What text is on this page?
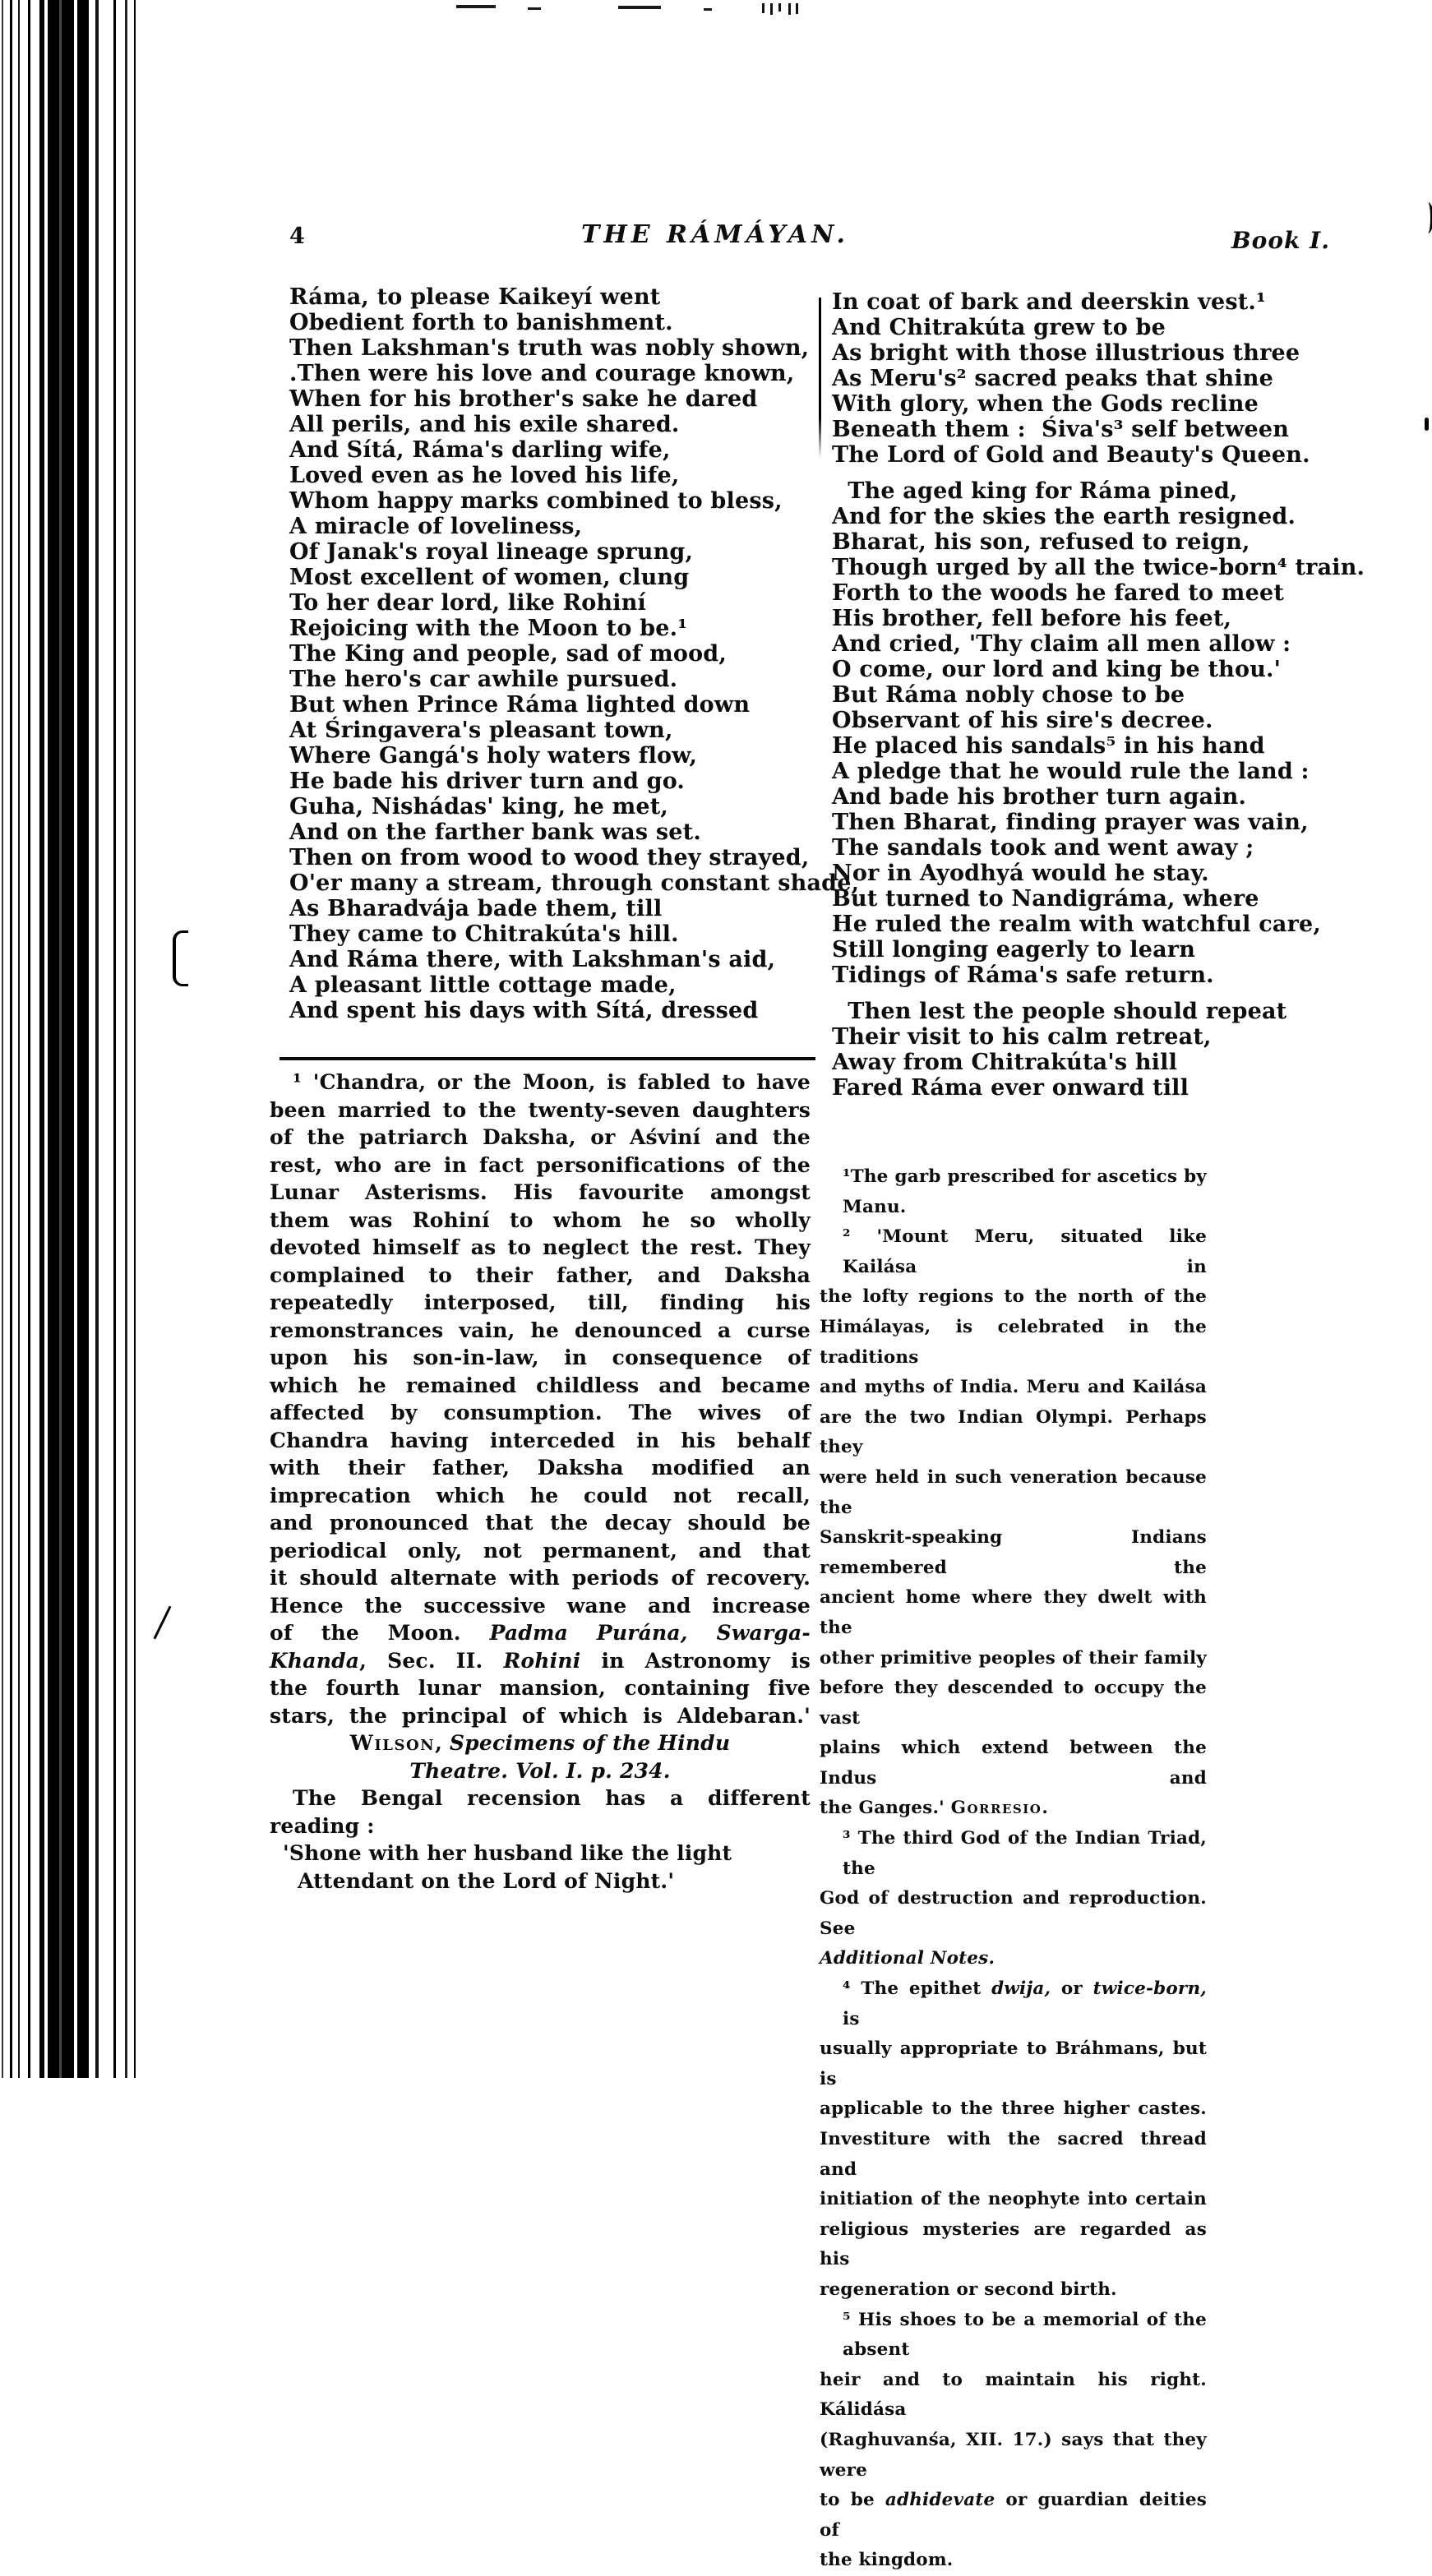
4	THE RÁMÁYAN.	Book I.
Ráma, to please Kaikeyí went
Obedient forth to banishment.
Then Lakshman's truth was nobly shown,
.Then were his love and courage known,
When for his brother's sake he dared
All perils, and his exile shared.
And Sítá, Ráma's darling wife,
Loved even as he loved his life,
Whom happy marks combined to bless,
A miracle of loveliness,
Of Janak's royal lineage sprung,
Most excellent of women, clung
To her dear lord, like Rohiní
Rejoicing with the Moon to be.¹
The King and people, sad of mood,
The hero's car awhile pursued.
But when Prince Ráma lighted down
At Śringavera's pleasant town,
Where Gangá's holy waters flow,
He bade his driver turn and go.
Guha, Nishádas' king, he met,
And on the farther bank was set.
Then on from wood to wood they strayed,
O'er many a stream, through constant shade,
As Bharadvája bade them, till
They came to Chitrakúta's hill.
And Ráma there, with Lakshman's aid,
A pleasant little cottage made,
And spent his days with Sítá, dressed
In coat of bark and deerskin vest.¹
And Chitrakúta grew to be
As bright with those illustrious three
As Meru's² sacred peaks that shine
With glory, when the Gods recline
Beneath them :  Śiva's³ self between
The Lord of Gold and Beauty's Queen.
The aged king for Ráma pined,
And for the skies the earth resigned.
Bharat, his son, refused to reign,
Though urged by all the twice-born⁴ train.
Forth to the woods he fared to meet
His brother, fell before his feet,
And cried, 'Thy claim all men allow :
O come, our lord and king be thou.'
But Ráma nobly chose to be
Observant of his sire's decree.
He placed his sandals⁵ in his hand
A pledge that he would rule the land :
And bade his brother turn again.
Then Bharat, finding prayer was vain,
The sandals took and went away ;
Nor in Ayodhyá would he stay.
But turned to Nandigráma, where
He ruled the realm with watchful care,
Still longing eagerly to learn
Tidings of Ráma's safe return.
Then lest the people should repeat
Their visit to his calm retreat,
Away from Chitrakúta's hill
Fared Ráma ever onward till
¹ 'Chandra, or the Moon, is fabled to have
been married to the twenty-seven daughters
of the patriarch Daksha, or Aśviní and the
rest, who are in fact personifications of the
Lunar Asterisms. His favourite amongst
them was Rohiní to whom he so wholly
devoted himself as to neglect the rest. They
complained to their father, and Daksha
repeatedly interposed, till, finding his
remonstrances vain, he denounced a curse
upon his son-in-law, in consequence of
which he remained childless and became
affected by consumption. The wives of
Chandra having interceded in his behalf
with their father, Daksha modified an
imprecation which he could not recall,
and pronounced that the decay should be
periodical only, not permanent, and that
it should alternate with periods of recovery.
Hence the successive wane and increase
of the Moon. Padma Purána, Swarga-
Khanda, Sec. II. Rohini in Astronomy is
the fourth lunar mansion, containing five
stars, the principal of which is Aldebaran.'
Wilson, Specimens of the Hindu
Theatre. Vol. I. p. 234.
The Bengal recension has a different
reading :
'Shone with her husband like the light
Attendant on the Lord of Night.'
¹The garb prescribed for ascetics by Manu.
² 'Mount Meru, situated like Kailása in
the lofty regions to the north of the
Himálayas, is celebrated in the traditions
and myths of India. Meru and Kailása
are the two Indian Olympi. Perhaps they
were held in such veneration because the
Sanskrit-speaking Indians remembered the
ancient home where they dwelt with the
other primitive peoples of their family
before they descended to occupy the vast
plains which extend between the Indus and
the Ganges.' Gorresio.
³ The third God of the Indian Triad, the
God of destruction and reproduction. See
Additional Notes.
⁴ The epithet dwija, or twice-born, is
usually appropriate to Bráhmans, but is
applicable to the three higher castes.
Investiture with the sacred thread and
initiation of the neophyte into certain
religious mysteries are regarded as his
regeneration or second birth.
⁵ His shoes to be a memorial of the absent
heir and to maintain his right. Kálidása
(Raghuvanśa, XII. 17.) says that they were
to be adhidevate or guardian deities of
the kingdom.
